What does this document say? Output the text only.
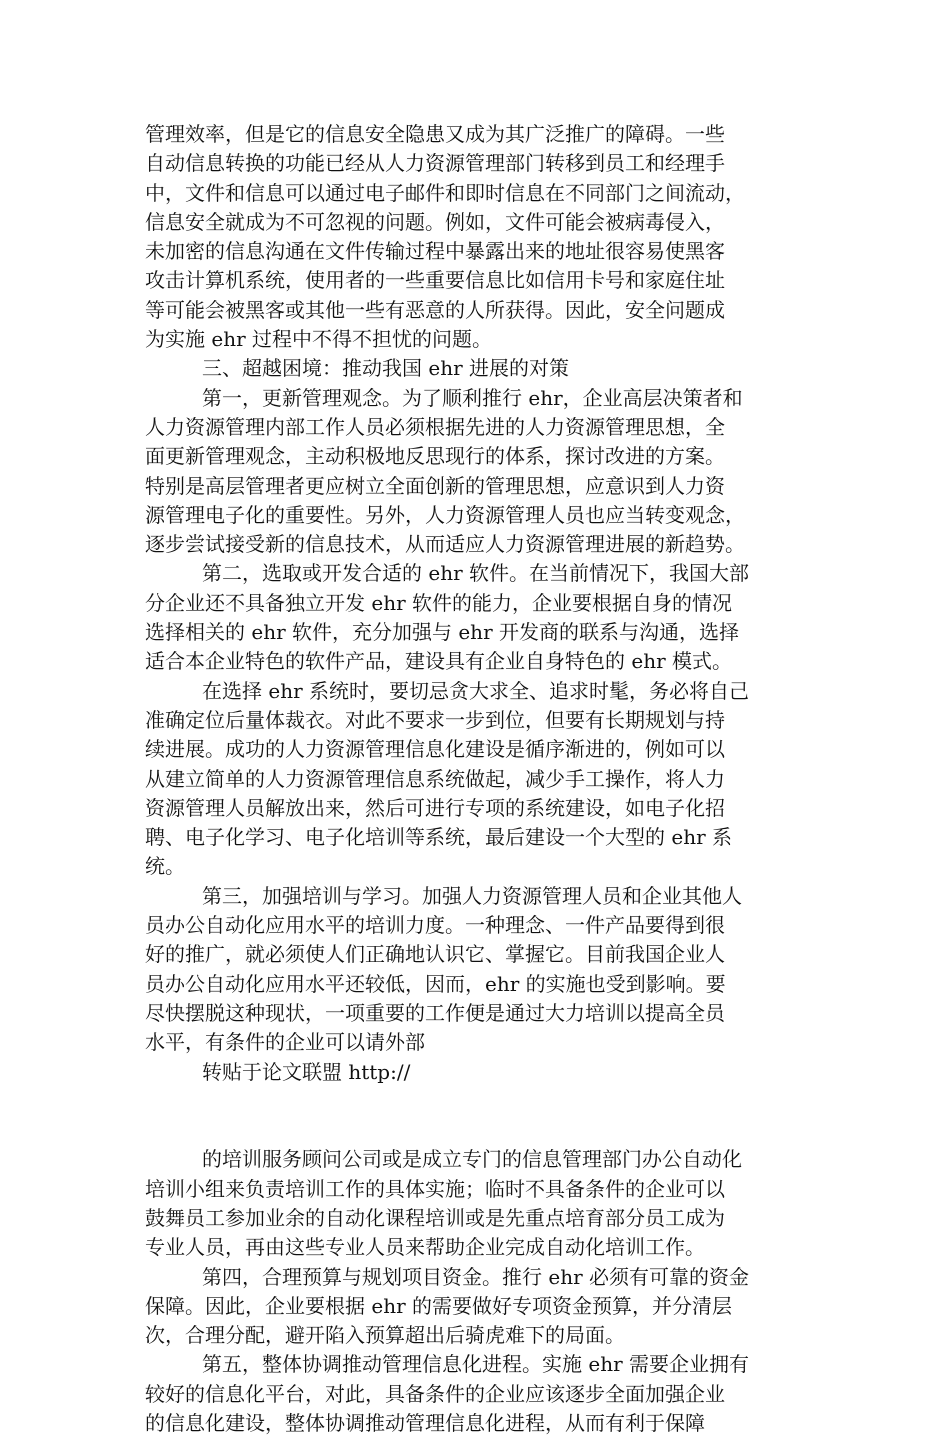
管理效率，但是它的信息安全隐患又成为其广泛推广的障碍。一些
自动信息转换的功能已经从人力资源管理部门转移到员工和经理手
中，文件和信息可以通过电子邮件和即时信息在不同部门之间流动，
信息安全就成为不可忽视的问题。例如，文件可能会被病毒侵入，
未加密的信息沟通在文件传输过程中暴露出来的地址很容易使黑客
攻击计算机系统，使用者的一些重要信息比如信用卡号和家庭住址
等可能会被黑客或其他一些有恶意的人所获得。因此，安全问题成
为实施 ehr 过程中不得不担忧的问题。
三、超越困境：推动我国 ehr 进展的对策
第一，更新管理观念。为了顺利推行 ehr，企业高层决策者和
人力资源管理内部工作人员必须根据先进的人力资源管理思想，全
面更新管理观念，主动积极地反思现行的体系，探讨改进的方案。
特别是高层管理者更应树立全面创新的管理思想，应意识到人力资
源管理电子化的重要性。另外，人力资源管理人员也应当转变观念，
逐步尝试接受新的信息技术，从而适应人力资源管理进展的新趋势。
第二，选取或开发合适的 ehr 软件。在当前情况下，我国大部
分企业还不具备独立开发 ehr 软件的能力，企业要根据自身的情况
选择相关的 ehr 软件，充分加强与 ehr 开发商的联系与沟通，选择
适合本企业特色的软件产品，建设具有企业自身特色的 ehr 模式。
在选择 ehr 系统时，要切忌贪大求全、追求时髦，务必将自己
准确定位后量体裁衣。对此不要求一步到位，但要有长期规划与持
续进展。成功的人力资源管理信息化建设是循序渐进的，例如可以
从建立简单的人力资源管理信息系统做起，减少手工操作，将人力
资源管理人员解放出来，然后可进行专项的系统建设，如电子化招
聘、电子化学习、电子化培训等系统，最后建设一个大型的 ehr 系
统。
第三，加强培训与学习。加强人力资源管理人员和企业其他人
员办公自动化应用水平的培训力度。一种理念、一件产品要得到很
好的推广，就必须使人们正确地认识它、掌握它。目前我国企业人
员办公自动化应用水平还较低，因而，ehr 的实施也受到影响。要
尽快摆脱这种现状，一项重要的工作便是通过大力培训以提高全员
水平，有条件的企业可以请外部
转贴于论文联盟 http://
的培训服务顾问公司或是成立专门的信息管理部门办公自动化
培训小组来负责培训工作的具体实施；临时不具备条件的企业可以
鼓舞员工参加业余的自动化课程培训或是先重点培育部分员工成为
专业人员，再由这些专业人员来帮助企业完成自动化培训工作。
第四，合理预算与规划项目资金。推行 ehr 必须有可靠的资金
保障。因此，企业要根据 ehr 的需要做好专项资金预算，并分清层
次，合理分配，避开陷入预算超出后骑虎难下的局面。
第五，整体协调推动管理信息化进程。实施 ehr 需要企业拥有
较好的信息化平台，对此，具备条件的企业应该逐步全面加强企业
的信息化建设，整体协调推动管理信息化进程，从而有利于保障
